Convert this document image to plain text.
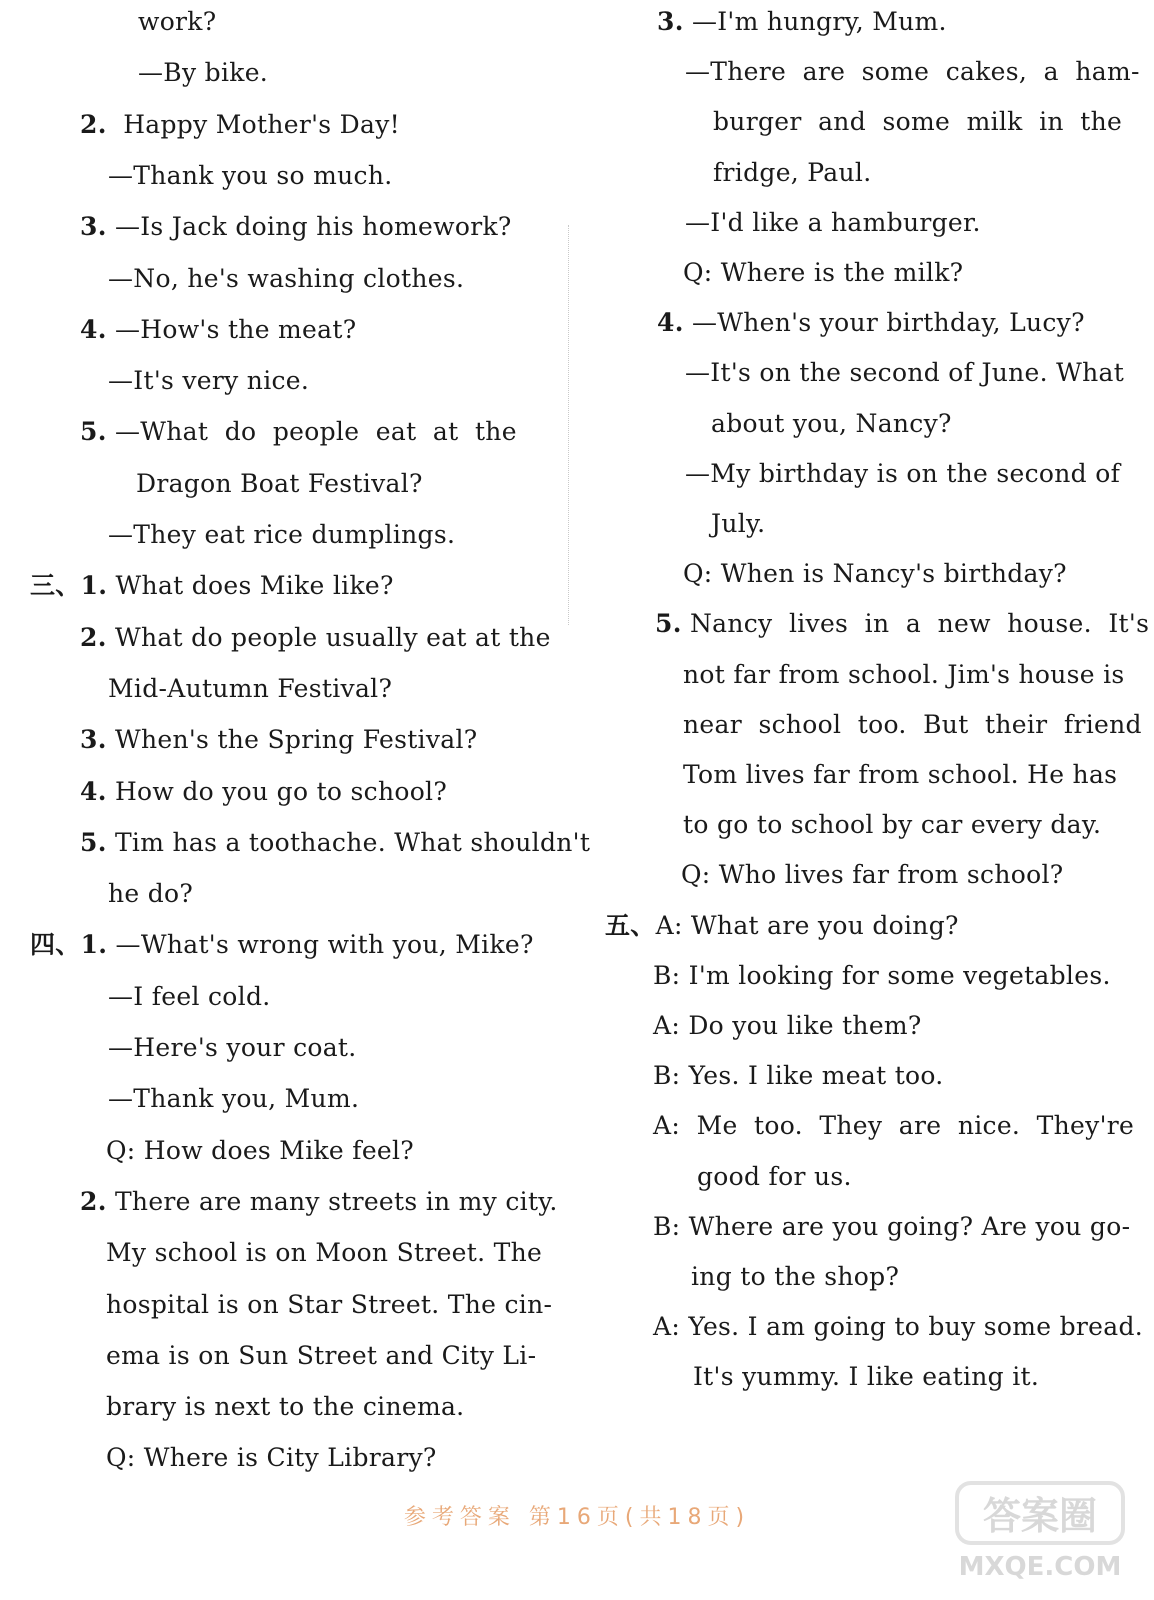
work?
—By bike.
2.  Happy Mother's Day!
—Thank you so much.
3. —Is Jack doing his homework?
—No, he's washing clothes.
4. —How's the meat?
—It's very nice.
5. —What  do  people  eat  at  the
Dragon Boat Festival?
—They eat rice dumplings.
三、1. What does Mike like?
2. What do people usually eat at the
Mid-Autumn Festival?
3. When's the Spring Festival?
4. How do you go to school?
5. Tim has a toothache. What shouldn't
he do?
四、1. —What's wrong with you, Mike?
—I feel cold.
—Here's your coat.
—Thank you, Mum.
Q: How does Mike feel?
2. There are many streets in my city.
My school is on Moon Street. The
hospital is on Star Street. The cin-
ema is on Sun Street and City Li-
brary is next to the cinema.
Q: Where is City Library?
3. —I'm hungry, Mum.
—There  are  some  cakes,  a  ham-
burger  and  some  milk  in  the
fridge, Paul.
—I'd like a hamburger.
Q: Where is the milk?
4. —When's your birthday, Lucy?
—It's on the second of June. What
about you, Nancy?
—My birthday is on the second of
July.
Q: When is Nancy's birthday?
5. Nancy  lives  in  a  new  house.  It's
not far from school. Jim's house is
near  school  too.  But  their  friend
Tom lives far from school. He has
to go to school by car every day.
Q: Who lives far from school?
五、A: What are you doing?
B: I'm looking for some vegetables.
A: Do you like them?
B: Yes. I like meat too.
A:  Me  too.  They  are  nice.  They're
good for us.
B: Where are you going? Are you go-
ing to the shop?
A: Yes. I am going to buy some bread.
It's yummy. I like eating it.
参考答案 第16页(共18页)	答案圈
MXQE.COM
